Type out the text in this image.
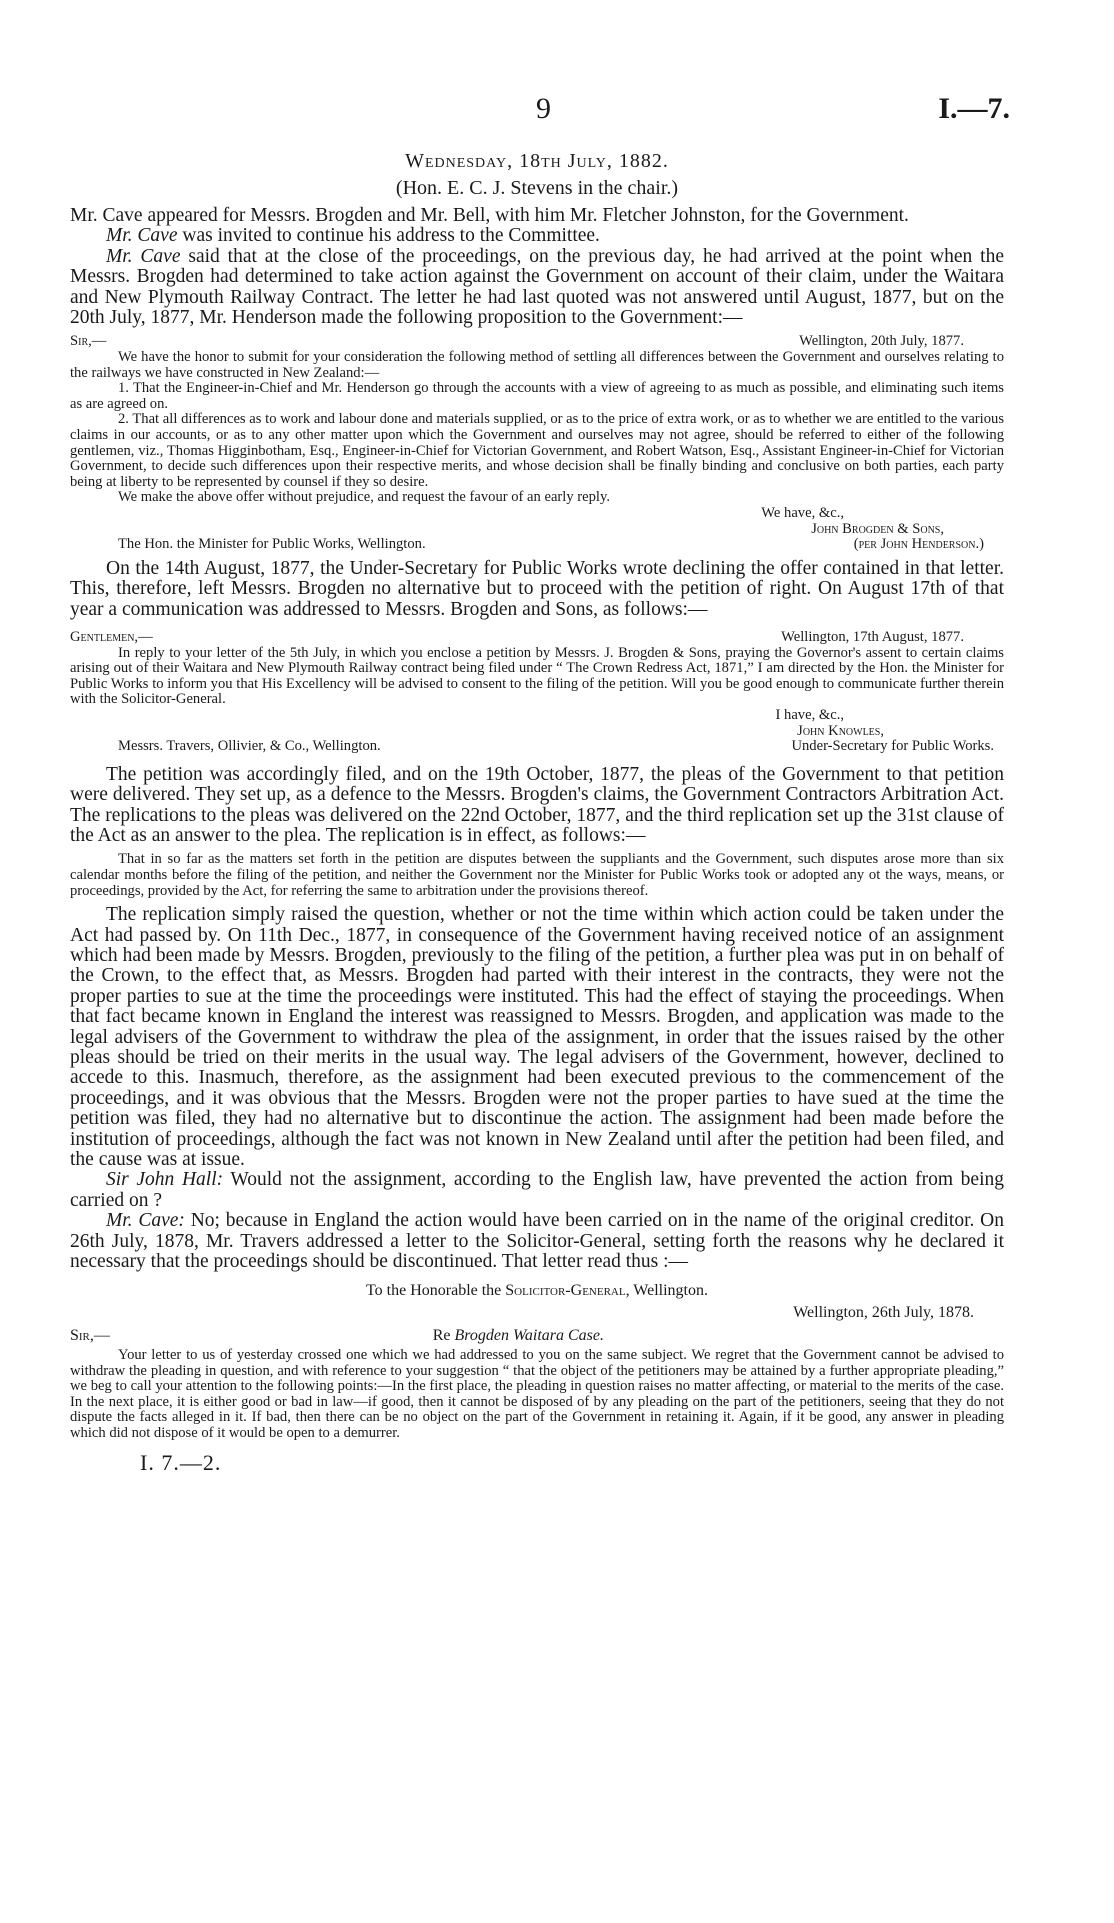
9	I.—7.
Wednesday, 18th July, 1882.
(Hon. E. C. J. Stevens in the chair.)

Mr. Cave appeared for Messrs. Brogden and Mr. Bell, with him Mr. Fletcher Johnston, for the Government.

Mr. Cave was invited to continue his address to the Committee.

Mr. Cave said that at the close of the proceedings, on the previous day, he had arrived at the point when the Messrs. Brogden had determined to take action against the Government on account of their claim, under the Waitara and New Plymouth Railway Contract. The letter he had last quoted was not answered until August, 1877, but on the 20th July, 1877, Mr. Henderson made the following proposition to the Government:—

Sir,—	Wellington, 20th July, 1877.

We have the honor to submit for your consideration the following method of settling all differences between the Government and ourselves relating to the railways we have constructed in New Zealand:—

1. That the Engineer-in-Chief and Mr. Henderson go through the accounts with a view of agreeing to as much as possible, and eliminating such items as are agreed on.

2. That all differences as to work and labour done and materials supplied, or as to the price of extra work, or as to whether we are entitled to the various claims in our accounts, or as to any other matter upon which the Government and ourselves may not agree, should be referred to either of the following gentlemen, viz., Thomas Higginbotham, Esq., Engineer-in-Chief for Victorian Government, and Robert Watson, Esq., Assistant Engineer-in-Chief for Victorian Government, to decide such differences upon their respective merits, and whose decision shall be finally binding and conclusive on both parties, each party being at liberty to be represented by counsel if they so desire.

We make the above offer without prejudice, and request the favour of an early reply.

We have, &c.,
John Brogden & Sons,
The Hon. the Minister for Public Works, Wellington.	(per John Henderson.)

On the 14th August, 1877, the Under-Secretary for Public Works wrote declining the offer contained in that letter. This, therefore, left Messrs. Brogden no alternative but to proceed with the petition of right. On August 17th of that year a communication was addressed to Messrs. Brogden and Sons, as follows:—

Gentlemen,—	Wellington, 17th August, 1877.

In reply to your letter of the 5th July, in which you enclose a petition by Messrs. J. Brogden & Sons, praying the Governor's assent to certain claims arising out of their Waitara and New Plymouth Railway contract being filed under “ The Crown Redress Act, 1871,” I am directed by the Hon. the Minister for Public Works to inform you that His Excellency will be advised to consent to the filing of the petition. Will you be good enough to communicate further therein with the Solicitor-General.

I have, &c.,
John Knowles,
Messrs. Travers, Ollivier, & Co., Wellington.	Under-Secretary for Public Works.

The petition was accordingly filed, and on the 19th October, 1877, the pleas of the Government to that petition were delivered. They set up, as a defence to the Messrs. Brogden's claims, the Government Contractors Arbitration Act. The replications to the pleas was delivered on the 22nd October, 1877, and the third replication set up the 31st clause of the Act as an answer to the plea. The replication is in effect, as follows:—

That in so far as the matters set forth in the petition are disputes between the suppliants and the Government, such disputes arose more than six calendar months before the filing of the petition, and neither the Government nor the Minister for Public Works took or adopted any ot the ways, means, or proceedings, provided by the Act, for referring the same to arbitration under the provisions thereof.

The replication simply raised the question, whether or not the time within which action could be taken under the Act had passed by. On 11th Dec., 1877, in consequence of the Government having received notice of an assignment which had been made by Messrs. Brogden, previously to the filing of the petition, a further plea was put in on behalf of the Crown, to the effect that, as Messrs. Brogden had parted with their interest in the contracts, they were not the proper parties to sue at the time the proceedings were instituted. This had the effect of staying the proceedings. When that fact became known in England the interest was reassigned to Messrs. Brogden, and application was made to the legal advisers of the Government to withdraw the plea of the assignment, in order that the issues raised by the other pleas should be tried on their merits in the usual way. The legal advisers of the Government, however, declined to accede to this. Inasmuch, therefore, as the assignment had been executed previous to the commencement of the proceedings, and it was obvious that the Messrs. Brogden were not the proper parties to have sued at the time the petition was filed, they had no alternative but to discontinue the action. The assignment had been made before the institution of proceedings, although the fact was not known in New Zealand until after the petition had been filed, and the cause was at issue.

Sir John Hall: Would not the assignment, according to the English law, have prevented the action from being carried on ?

Mr. Cave: No; because in England the action would have been carried on in the name of the original creditor. On 26th July, 1878, Mr. Travers addressed a letter to the Solicitor-General, setting forth the reasons why he declared it necessary that the proceedings should be discontinued. That letter read thus :—

To the Honorable the Solicitor-General, Wellington.
Wellington, 26th July, 1878.
Sir,—	Re Brogden Waitara Case.

Your letter to us of yesterday crossed one which we had addressed to you on the same subject. We regret that the Government cannot be advised to withdraw the pleading in question, and with reference to your suggestion “ that the object of the petitioners may be attained by a further appropriate pleading,” we beg to call your attention to the following points:—In the first place, the pleading in question raises no matter affecting, or material to the merits of the case. In the next place, it is either good or bad in law—if good, then it cannot be disposed of by any pleading on the part of the petitioners, seeing that they do not dispute the facts alleged in it. If bad, then there can be no object on the part of the Government in retaining it. Again, if it be good, any answer in pleading which did not dispose of it would be open to a demurrer.

I. 7.—2.
